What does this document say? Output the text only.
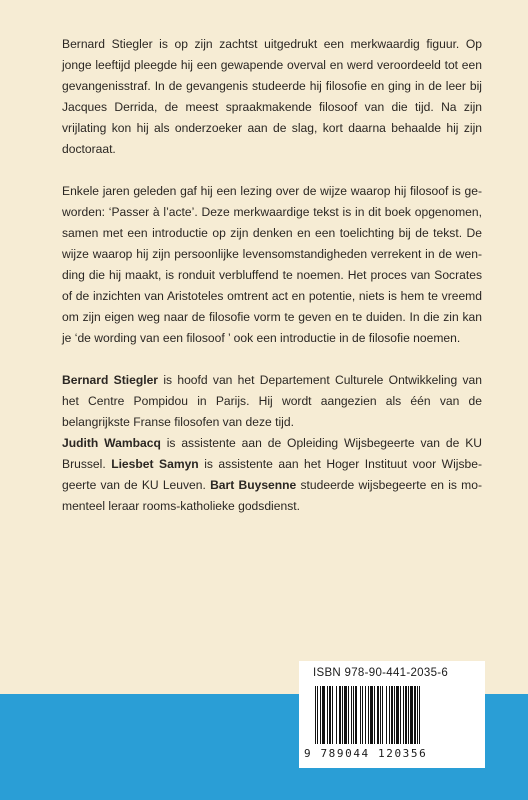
Bernard Stiegler is op zijn zachtst uitgedrukt een merkwaardig figuur. Op jonge leeftijd pleegde hij een gewapende overval en werd veroordeeld tot een gevangenisstraf. In de gevangenis studeerde hij filosofie en ging in de leer bij Jacques Derrida, de meest spraakmakende filosoof van die tijd. Na zijn vrijlating kon hij als onderzoeker aan de slag, kort daarna behaalde hij zijn doctoraat.

Enkele jaren geleden gaf hij een lezing over de wijze waarop hij filosoof is geworden: ‘Passer à l’acte’. Deze merkwaardige tekst is in dit boek opgenomen, samen met een introductie op zijn denken en een toelichting bij de tekst. De wijze waarop hij zijn persoonlijke levensomstandigheden verrekent in de wending die hij maakt, is ronduit verbluffend te noemen. Het proces van Socrates of de inzichten van Aristoteles omtrent act en potentie, niets is hem te vreemd om zijn eigen weg naar de filosofie vorm te geven en te duiden. In die zin kan je ‘de wording van een filosoof ’ ook een introductie in de filosofie noemen.

Bernard Stiegler is hoofd van het Departement Culturele Ontwikkeling van het Centre Pompidou in Parijs. Hij wordt aangezien als één van de belangrijkste Franse filosofen van deze tijd.

Judith Wambacq is assistente aan de Opleiding Wijsbegeerte van de KU Brussel. Liesbet Samyn is assistente aan het Hoger Instituut voor Wijsbegeerte van de KU Leuven. Bart Buysenne studeerde wijsbegeerte en is momenteel leraar rooms-katholieke godsdienst.

ISBN 978-90-441-2035-6
9 789044 120356
